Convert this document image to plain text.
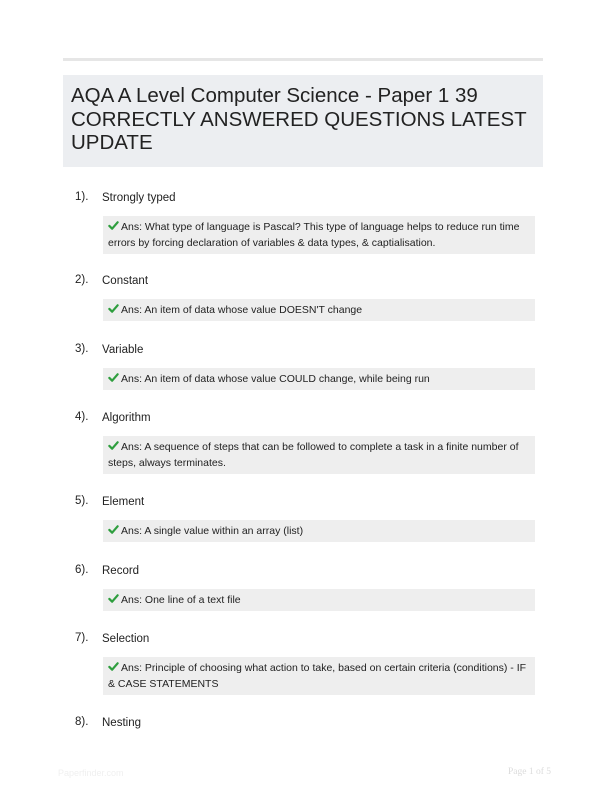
AQA A Level Computer Science - Paper 1 39 CORRECTLY ANSWERED QUESTIONS LATEST UPDATE
1). Strongly typed
Ans: What type of language is Pascal? This type of language helps to reduce run time errors by forcing declaration of variables & data types, & captialisation.
2). Constant
Ans: An item of data whose value DOESN'T change
3). Variable
Ans: An item of data whose value COULD change, while being run
4). Algorithm
Ans: A sequence of steps that can be followed to complete a task in a finite number of steps, always terminates.
5). Element
Ans: A single value within an array (list)
6). Record
Ans: One line of a text file
7). Selection
Ans: Principle of choosing what action to take, based on certain criteria (conditions) - IF & CASE STATEMENTS
8). Nesting
Paperfinder.com	Page 1 of 5
